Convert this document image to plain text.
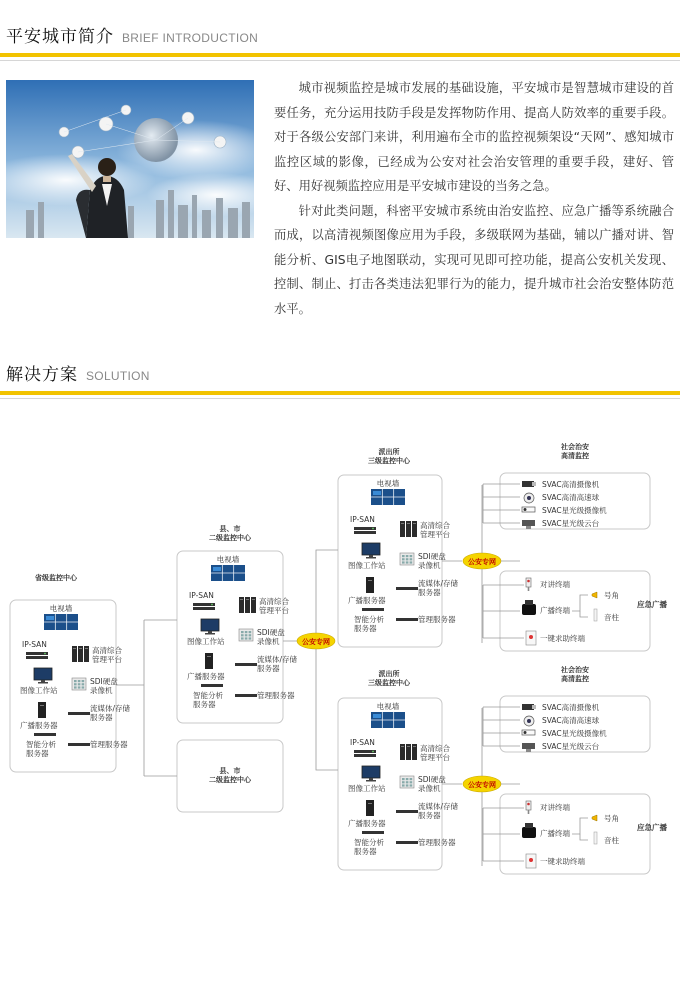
平安城市简介 BRIEF INTRODUCTION

城市视频监控是城市发展的基础设施，平安城市是智慧城市建设的首要任务，充分运用技防手段是发挥物防作用、提高人防效率的重要手段。对于各级公安部门来讲，利用遍布全市的监控视频架设“天网”、感知城市监控区域的影像，已经成为公安对社会治安管理的重要手段，建好、管好、用好视频监控应用是平安城市建设的当务之急。

针对此类问题，科密平安城市系统由治安监控、应急广播等系统融合而成，以高清视频图像应用为手段，多级联网为基础，辅以广播对讲、智能分析、GIS电子地图联动，实现可见即可控功能，提高公安机关发现、控制、制止、打击各类违法犯罪行为的能力，提升城市社会治安整体防范水平。

解决方案 SOLUTION
省级监控中心
电视墙
IP-SAN
高清综合
管理平台
图像工作站
SDI硬盘
录像机
广播服务器
流媒体/存储
服务器
智能分析
服务器
管理服务器
县、市
二级监控中心
电视墙
IP-SAN
高清综合
管理平台
图像工作站
SDI硬盘
录像机
广播服务器
流媒体/存储
服务器
智能分析
服务器
管理服务器
县、市
二级监控中心
公安专网
派出所
三级监控中心
电视墙
IP-SAN
高清综合
管理平台
图像工作站
SDI硬盘
录像机
广播服务器
流媒体/存储
服务器
智能分析
服务器
管理服务器
派出所
三级监控中心
电视墙
IP-SAN
高清综合
管理平台
图像工作站
SDI硬盘
录像机
广播服务器
流媒体/存储
服务器
智能分析
服务器
管理服务器
公安专网
社会治安
高清监控
SVAC高清摄像机
SVAC高清高速球
SVAC星光级摄像机
SVAC星光级云台
对讲终端
广播终端
号角
音柱
一键求助终端
应急广播
公安专网
社会治安
高清监控
SVAC高清摄像机
SVAC高清高速球
SVAC星光级摄像机
SVAC星光级云台
对讲终端
广播终端
号角
音柱
一键求助终端
应急广播
